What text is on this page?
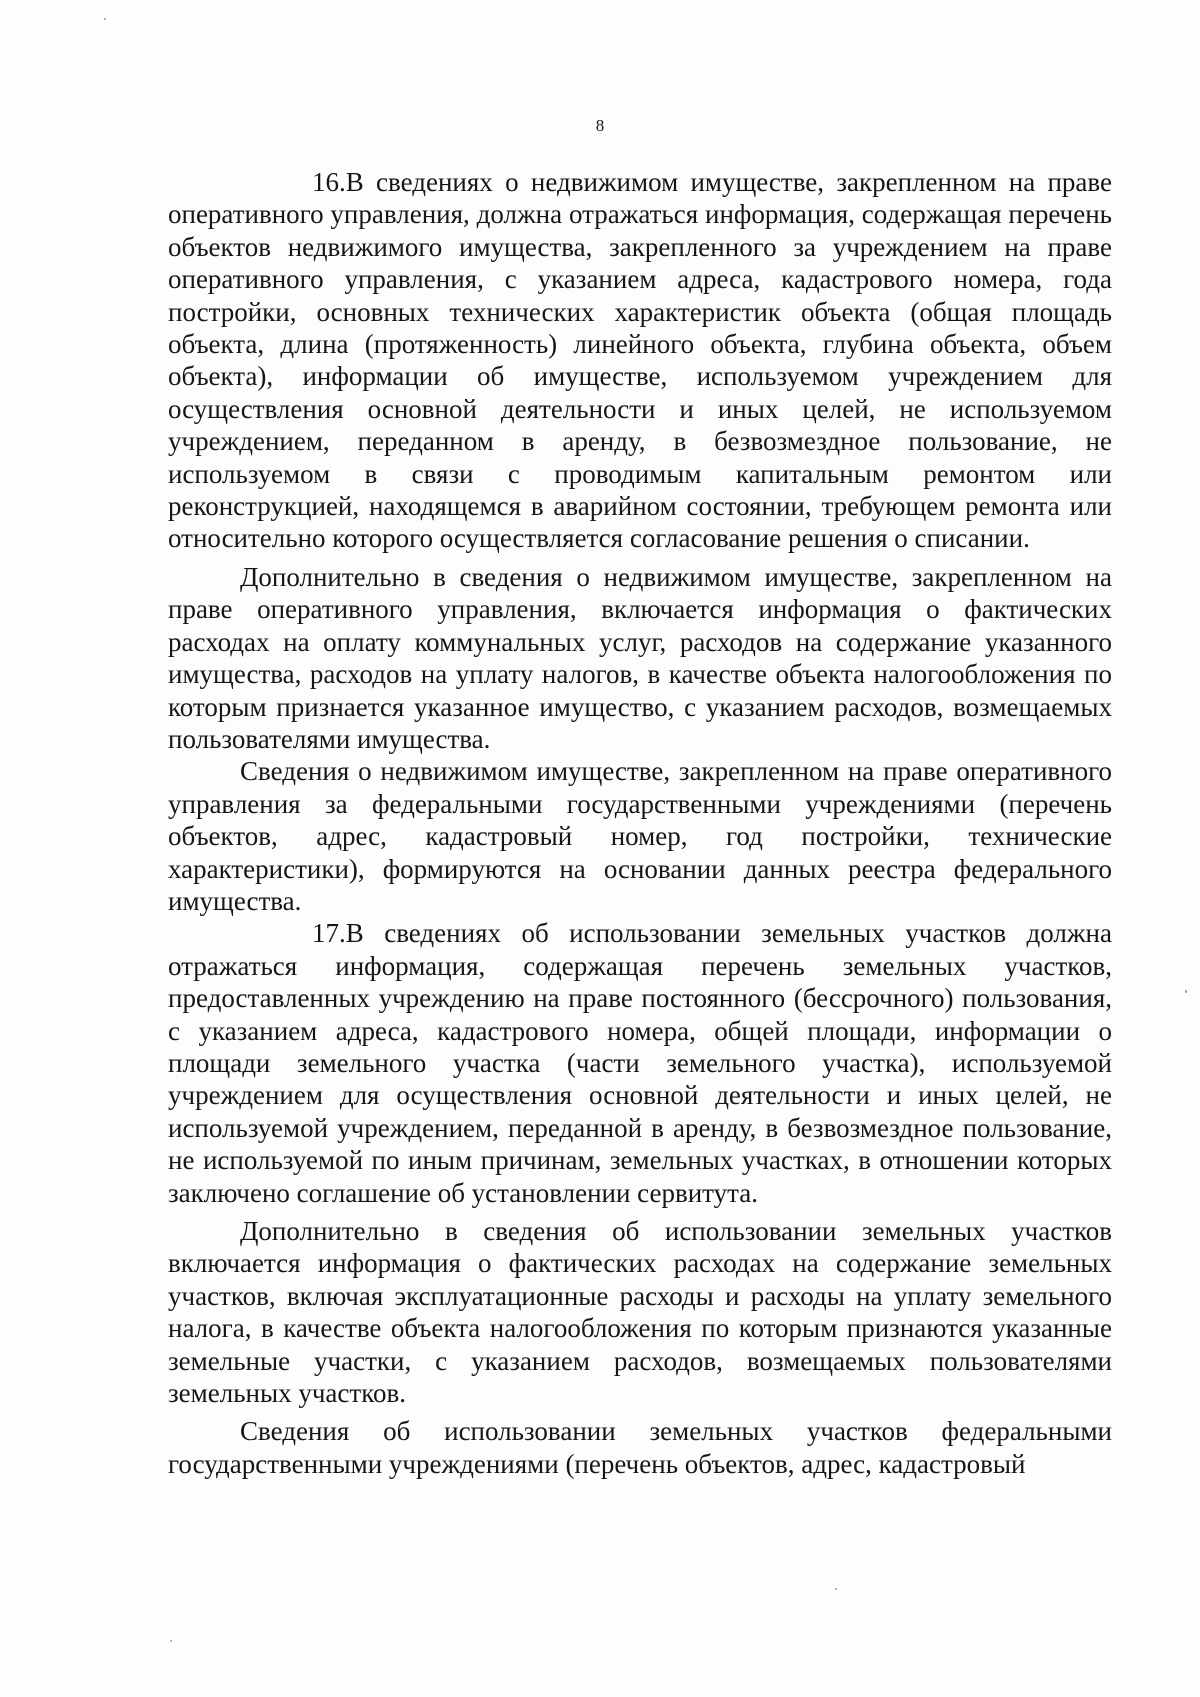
8

16.В сведениях о недвижимом имуществе, закрепленном на праве оперативного управления, должна отражаться информация, содержащая перечень объектов недвижимого имущества, закрепленного за учреждением на праве оперативного управления, с указанием адреса, кадастрового номера, года постройки, основных технических характеристик объекта (общая площадь объекта, длина (протяженность) линейного объекта, глубина объекта, объем объекта), информации об имуществе, используемом учреждением для осуществления основной деятельности и иных целей, не используемом учреждением, переданном в аренду, в безвозмездное пользование, не используемом в связи с проводимым капитальным ремонтом или реконструкцией, находящемся в аварийном состоянии, требующем ремонта или относительно которого осуществляется согласование решения о списании.

Дополнительно в сведения о недвижимом имуществе, закрепленном на праве оперативного управления, включается информация о фактических расходах на оплату коммунальных услуг, расходов на содержание указанного имущества, расходов на уплату налогов, в качестве объекта налогообложения по которым признается указанное имущество, с указанием расходов, возмещаемых пользователями имущества.

Сведения о недвижимом имуществе, закрепленном на праве оперативного управления за федеральными государственными учреждениями (перечень объектов, адрес, кадастровый номер, год постройки, технические характеристики), формируются на основании данных реестра федерального имущества.

17.В сведениях об использовании земельных участков должна отражаться информация, содержащая перечень земельных участков, предоставленных учреждению на праве постоянного (бессрочного) пользования, с указанием адреса, кадастрового номера, общей площади, информации о площади земельного участка (части земельного участка), используемой учреждением для осуществления основной деятельности и иных целей, не используемой учреждением, переданной в аренду, в безвозмездное пользование, не используемой по иным причинам, земельных участках, в отношении которых заключено соглашение об установлении сервитута.

Дополнительно в сведения об использовании земельных участков включается информация о фактических расходах на содержание земельных участков, включая эксплуатационные расходы и расходы на уплату земельного налога, в качестве объекта налогообложения по которым признаются указанные земельные участки, с указанием расходов, возмещаемых пользователями земельных участков.

Сведения об использовании земельных участков федеральными государственными учреждениями (перечень объектов, адрес, кадастровый
